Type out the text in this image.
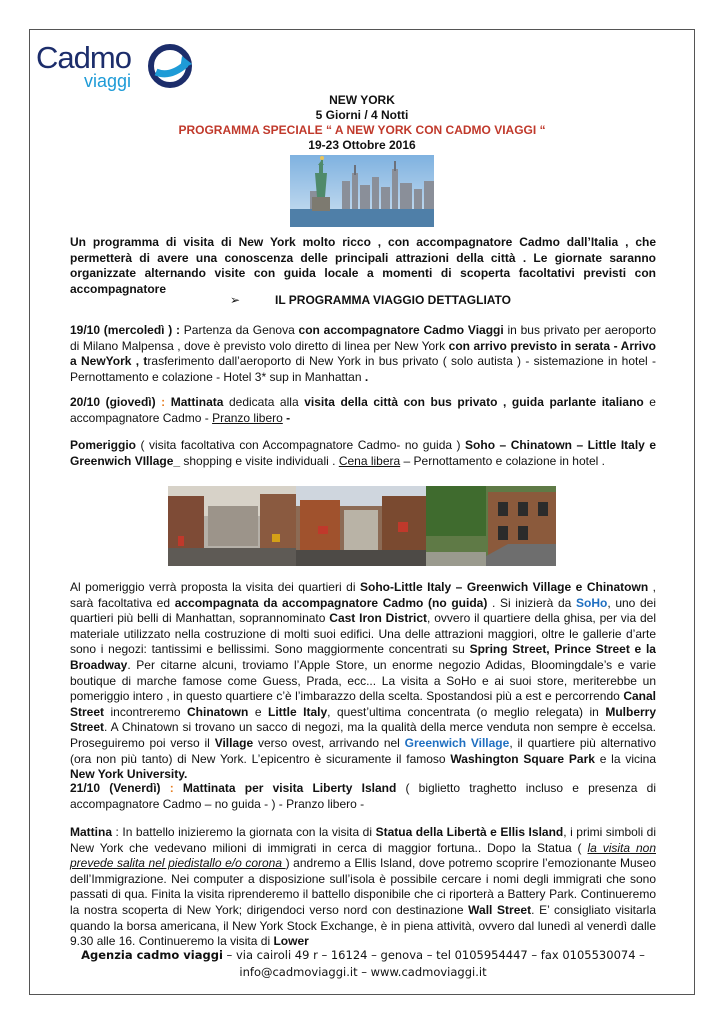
Cadmo
viaggi
NEW YORK
5 Giorni / 4 Notti
PROGRAMMA SPECIALE “ A NEW YORK CON CADMO VIAGGI “
19-23 Ottobre 2016
Un programma di visita di New York molto ricco , con accompagnatore Cadmo dall’Italia , che permetterà di avere una conoscenza delle principali attrazioni della città . Le giornate saranno organizzate alternando visite con guida locale a momenti di scoperta facoltativi previsti con accompagnatore
➢	IL PROGRAMMA VIAGGIO DETTAGLIATO
19/10 (mercoledì ) : Partenza da Genova con accompagnatore Cadmo Viaggi in bus privato per aeroporto di Milano Malpensa , dove è previsto volo diretto di linea per New York con arrivo previsto in serata - Arrivo a NewYork , trasferimento dall’aeroporto di New York in bus privato ( solo autista ) - sistemazione in hotel - Pernottamento e colazione - Hotel 3* sup in Manhattan .
20/10 (giovedì) : Mattinata dedicata alla visita della città con bus privato , guida parlante italiano e accompagnatore Cadmo - Pranzo libero -
Pomeriggio ( visita facoltativa con Accompagnatore Cadmo- no guida ) Soho – Chinatown – Little Italy e Greenwich VIllage_ shopping e visite individuali . Cena libera – Pernottamento e colazione in hotel .
Al pomeriggio verrà proposta la visita dei quartieri di Soho-Little Italy – Greenwich Village e Chinatown , sarà facoltativa ed accompagnata da accompagnatore Cadmo (no guida) . Si inizierà da SoHo, uno dei quartieri più belli di Manhattan, soprannominato Cast Iron District, ovvero il quartiere della ghisa, per via del materiale utilizzato nella costruzione di molti suoi edifici. Una delle attrazioni maggiori, oltre le gallerie d’arte sono i negozi: tantissimi e bellissimi. Sono maggiormente concentrati su Spring Street, Prince Street e la Broadway. Per citarne alcuni, troviamo l’Apple Store, un enorme negozio Adidas, Bloomingdale’s e varie boutique di marche famose come Guess, Prada, ecc... La visita a SoHo e ai suoi store, meriterebbe un pomeriggio intero , in questo quartiere c’è l’imbarazzo della scelta. Spostandosi più a est e percorrendo Canal Street incontreremo Chinatown e Little Italy, quest’ultima concentrata (o meglio relegata) in Mulberry Street. A Chinatown si trovano un sacco di negozi, ma la qualità della merce venduta non sempre è eccelsa. Proseguiremo poi verso il Village verso ovest, arrivando nel Greenwich Village, il quartiere più alternativo (ora non più tanto) di New York. L’epicentro è sicuramente il famoso Washington Square Park e la vicina New York University.
21/10 (Venerdì) : Mattinata per visita Liberty Island ( biglietto traghetto incluso e presenza di accompagnatore Cadmo – no guida - ) - Pranzo libero -
Mattina : In battello inizieremo la giornata con la visita di Statua della Libertà e Ellis Island, i primi simboli di New York che vedevano milioni di immigrati in cerca di maggior fortuna.. Dopo la Statua ( la visita non prevede salita nel piedistallo e/o corona ) andremo a Ellis Island, dove potremo scoprire l’emozionante Museo dell’Immigrazione. Nei computer a disposizione sull’isola è possibile cercare i nomi degli immigrati che sono passati di qua. Finita la visita riprenderemo il battello disponibile che ci riporterà a Battery Park. Continueremo la nostra scoperta di New York; dirigendoci verso nord con destinazione Wall Street. E’ consigliato visitarla quando la borsa americana, il New York Stock Exchange, è in piena attività, ovvero dal lunedì al venerdì dalle 9.30 alle 16. Continueremo la visita di Lower
Agenzia cadmo viaggi – via cairoli 49 r – 16124 – genova – tel 0105954447 – fax 0105530074 –
info@cadmoviaggi.it – www.cadmoviaggi.it
